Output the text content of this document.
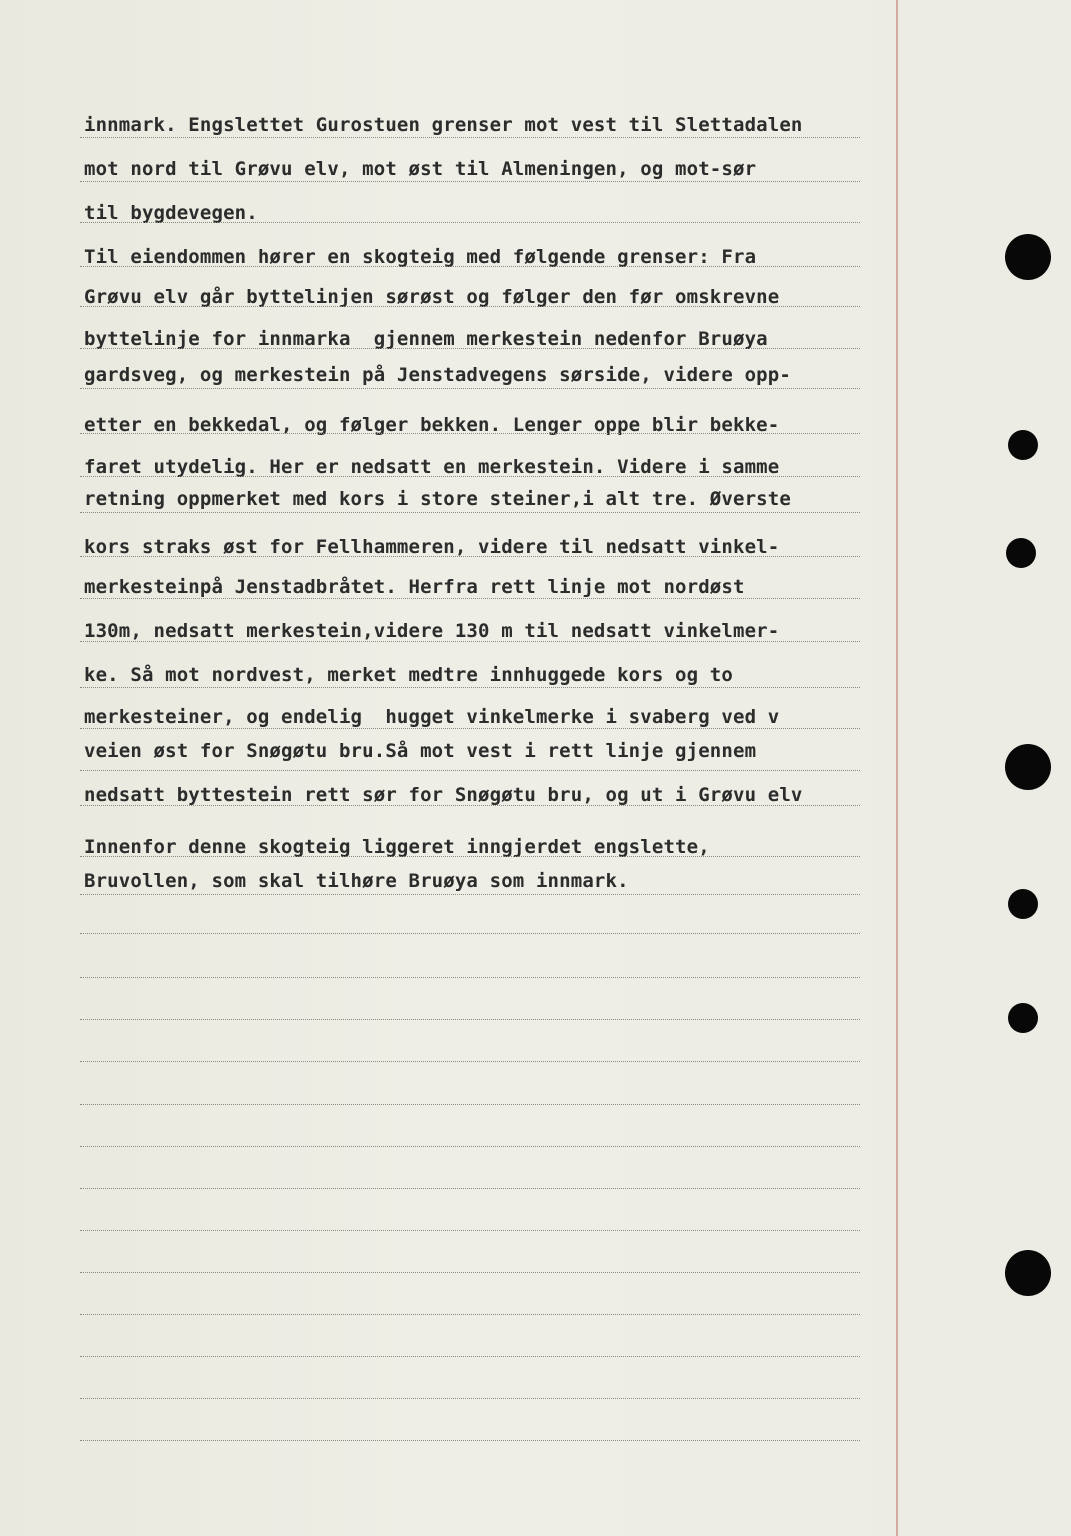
innmark. Engslettet Gurostuen grenser mot vest til Slettadalen
mot nord til Grøvu elv, mot øst til Almeningen, og mot-sør
til bygdevegen.
Til eiendommen hører en skogteig med følgende grenser: Fra
Grøvu elv går byttelinjen sørøst og følger den før omskrevne
byttelinje for innmarka  gjennem merkestein nedenfor Bruøya
gardsveg, og merkestein på Jenstadvegens sørside, videre opp-
etter en bekkedal, og følger bekken. Lenger oppe blir bekke-
faret utydelig. Her er nedsatt en merkestein. Videre i samme
retning oppmerket med kors i store steiner,i alt tre. Øverste
kors straks øst for Fellhammeren, videre til nedsatt vinkel-
merkesteinpå Jenstadbråtet. Herfra rett linje mot nordøst
130m, nedsatt merkestein,videre 130 m til nedsatt vinkelmer-
ke. Så mot nordvest, merket medtre innhuggede kors og to
merkesteiner, og endelig  hugget vinkelmerke i svaberg ved v
veien øst for Snøgøtu bru.Så mot vest i rett linje gjennem
nedsatt byttestein rett sør for Snøgøtu bru, og ut i Grøvu elv
Innenfor denne skogteig liggeret inngjerdet engslette,
Bruvollen, som skal tilhøre Bruøya som innmark.
